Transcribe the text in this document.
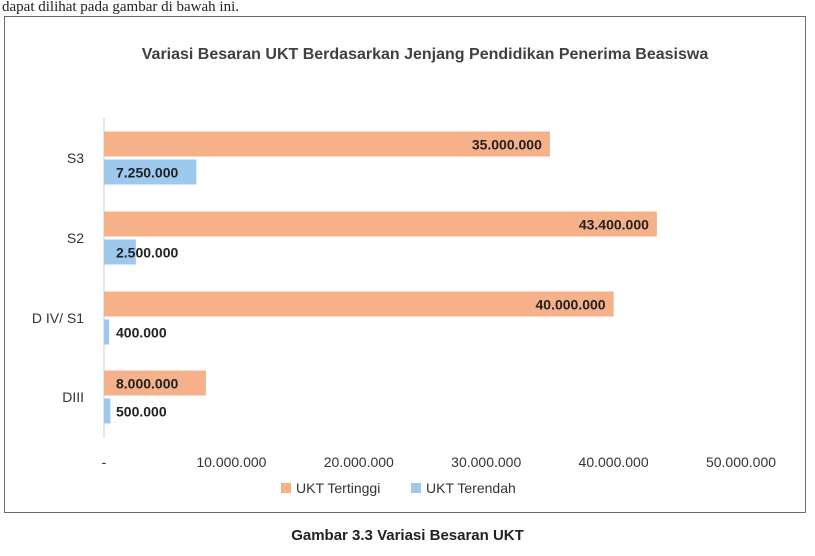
dapat dilihat pada gambar di bawah ini.
Variasi Besaran UKT Berdasarkan Jenjang Pendidikan Penerima Beasiswa
S3
35.000.000
7.250.000
S2
43.400.000
2.500.000
D IV/ S1
40.000.000
400.000
DIII
8.000.000
500.000
-	10.000.000	20.000.000	30.000.000	40.000.000	50.000.000
UKT Tertinggi	UKT Terendah
Gambar 3.3 Variasi Besaran UKT
